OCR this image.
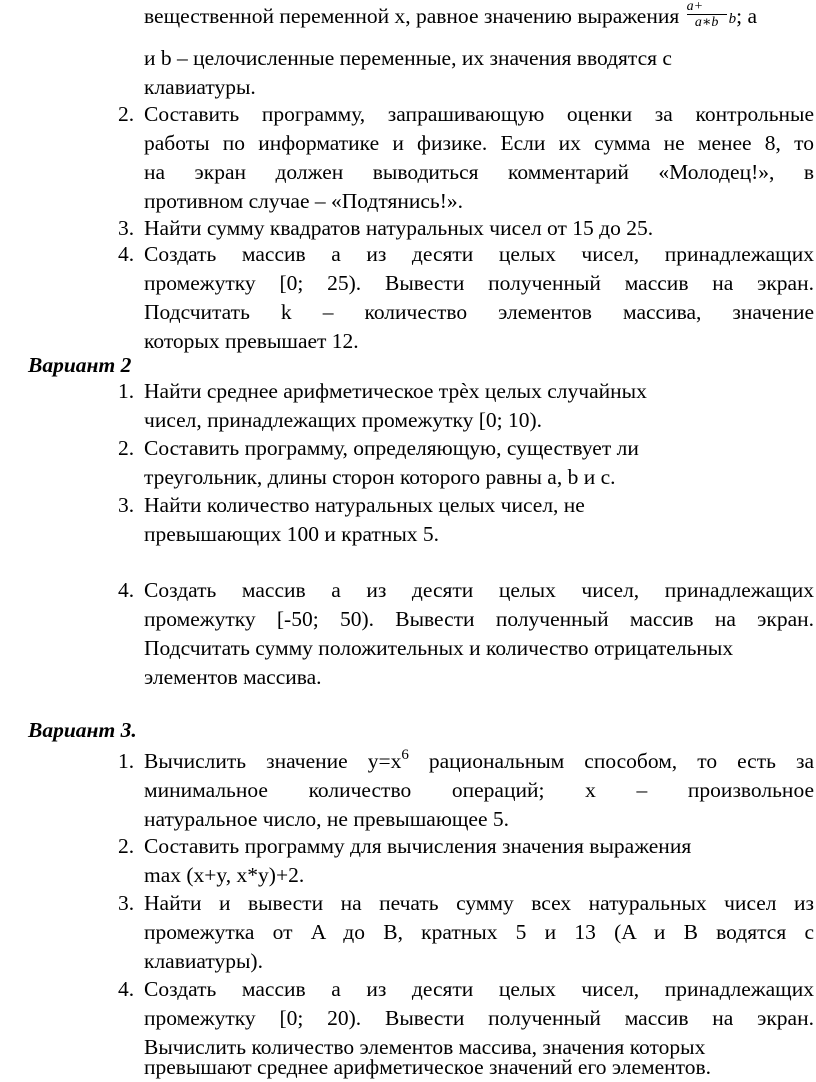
вещественной переменной x, равное значению выражения $\frac{a+}{a∗b} b$; a
и b – целочисленные переменные, их значения вводятся с
клавиатуры.
2. Составить программу, запрашивающую оценки за контрольные
работы по информатике и физике. Если их сумма не менее 8, то
на экран должен выводиться комментарий «Молодец!», в
противном случае – «Подтянись!».
3. Найти сумму квадратов натуральных чисел от 15 до 25.
4. Создать массив а из десяти целых чисел, принадлежащих
промежутку [0; 25). Вывести полученный массив на экран.
Подсчитать k – количество элементов массива, значение
которых превышает 12.
Вариант 2
1. Найти среднее арифметическое трѐх целых случайных
чисел, принадлежащих промежутку [0; 10).
2. Составить программу, определяющую, существует ли
треугольник, длины сторон которого равны a, b и c.
3. Найти количество натуральных целых чисел, не
превышающих 100 и кратных 5.
4. Создать массив а из десяти целых чисел, принадлежащих
промежутку [-50; 50). Вывести полученный массив на экран.
Подсчитать сумму положительных и количество отрицательных
элементов массива.
Вариант 3.
1. Вычислить значение $y=x^6$ рациональным способом, то есть за
минимальное количество операций; x – произвольное
натуральное число, не превышающее 5.
2. Составить программу для вычисления значения выражения
max (x+y, x*y)+2.
3. Найти и вывести на печать сумму всех натуральных чисел из
промежутка от A до B, кратных 5 и 13 (A и B водятся с
клавиатуры).
4. Создать массив а из десяти целых чисел, принадлежащих
промежутку [0; 20). Вывести полученный массив на экран.
Вычислить количество элементов массива, значения которых
превышают среднее арифметическое значений его элементов.
